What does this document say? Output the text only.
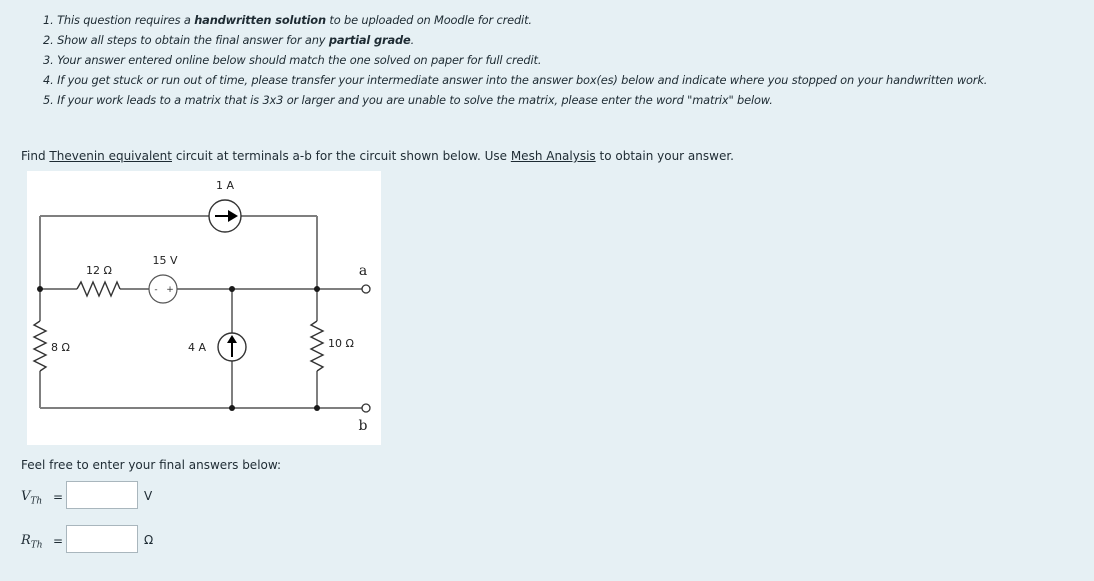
1. This question requires a handwritten solution to be uploaded on Moodle for credit.
2. Show all steps to obtain the final answer for any partial grade.
3. Your answer entered online below should match the one solved on paper for full credit.
4. If you get stuck or run out of time, please transfer your intermediate answer into the answer box(es) below and indicate where you stopped on your handwritten work.
5. If your work leads to a matrix that is 3x3 or larger and you are unable to solve the matrix, please enter the word "matrix" below.
Find Thevenin equivalent circuit at terminals a-b for the circuit shown below. Use Mesh Analysis to obtain your answer.
- +
1 A
12 Ω
15 V
8 Ω	4 A	10 Ω
a
b
Feel free to enter your final answers below:
$V_{Th}$ =	V
$R_{Th}$ =	Ω
